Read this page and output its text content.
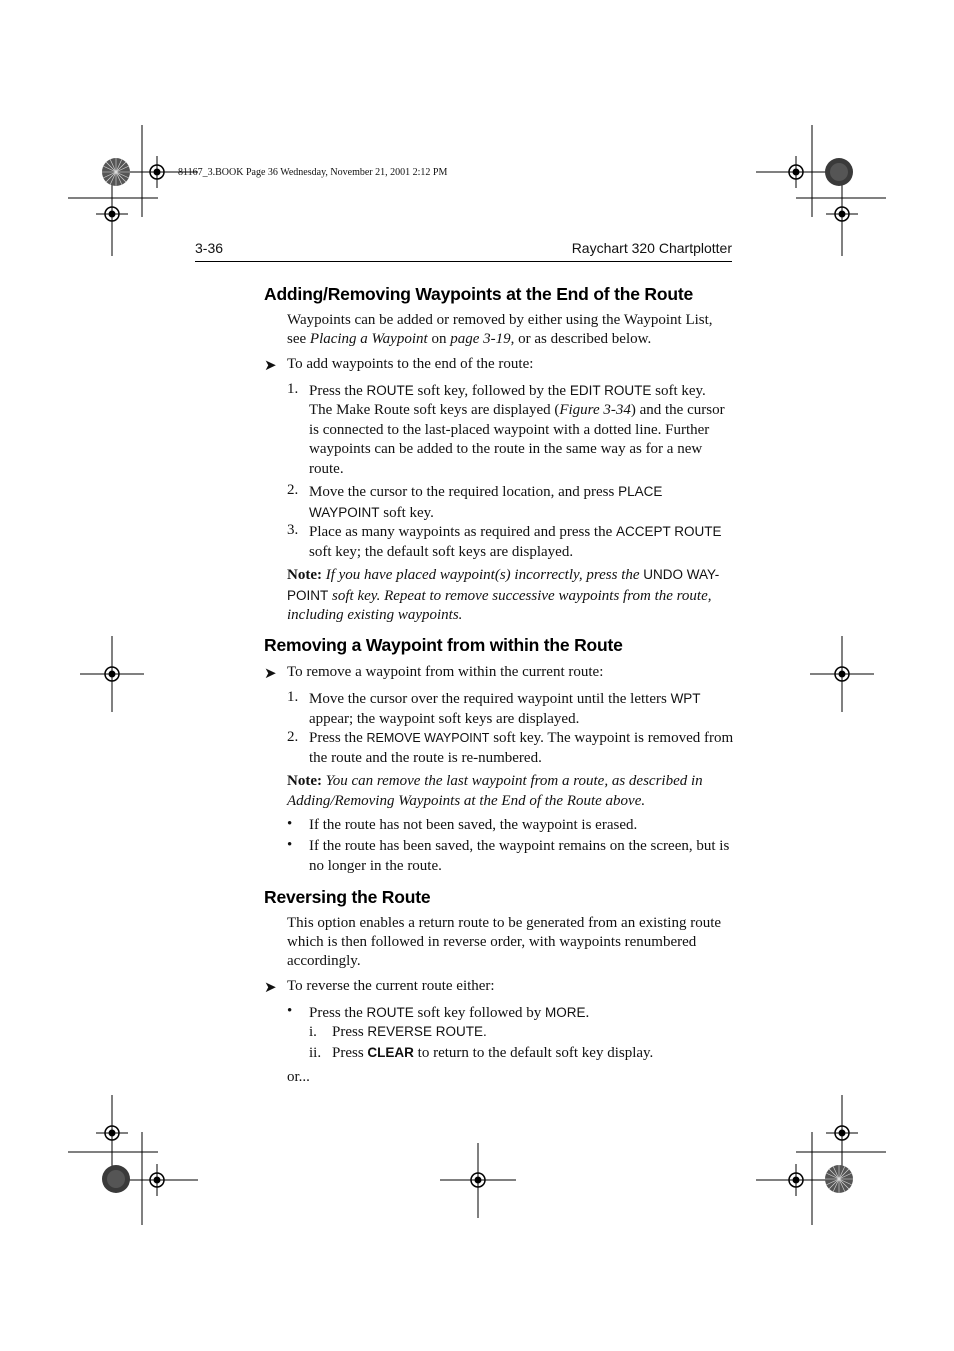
81167_3.BOOK Page 36 Wednesday, November 21, 2001 2:12 PM
3-36	Raychart 320 Chartplotter
Adding/Removing Waypoints at the End of the Route
Waypoints can be added or removed by either using the Waypoint List,
see Placing a Waypoint on page 3-19, or as described below.
➤ To add waypoints to the end of the route:
1. Press the ROUTE soft key, followed by the EDIT ROUTE soft key.
The Make Route soft keys are displayed (Figure 3-34) and the cursor is connected to the last-placed waypoint with a dotted line. Further waypoints can be added to the route in the same way as for a new route.
2. Move the cursor to the required location, and press PLACE WAYPOINT soft key.
3. Place as many waypoints as required and press the ACCEPT ROUTE soft key; the default soft keys are displayed.
Note: If you have placed waypoint(s) incorrectly, press the UNDO WAY-POINT soft key. Repeat to remove successive waypoints from the route, including existing waypoints.
Removing a Waypoint from within the Route
➤ To remove a waypoint from within the current route:
1. Move the cursor over the required waypoint until the letters WPT appear; the waypoint soft keys are displayed.
2. Press the REMOVE WAYPOINT soft key. The waypoint is removed from the route and the route is re-numbered.
Note: You can remove the last waypoint from a route, as described in Adding/Removing Waypoints at the End of the Route above.
• If the route has not been saved, the waypoint is erased.
• If the route has been saved, the waypoint remains on the screen, but is no longer in the route.
Reversing the Route
This option enables a return route to be generated from an existing route which is then followed in reverse order, with waypoints renumbered accordingly.
➤ To reverse the current route either:
• Press the ROUTE soft key followed by MORE.
i. Press REVERSE ROUTE.
ii. Press CLEAR to return to the default soft key display.
or...
